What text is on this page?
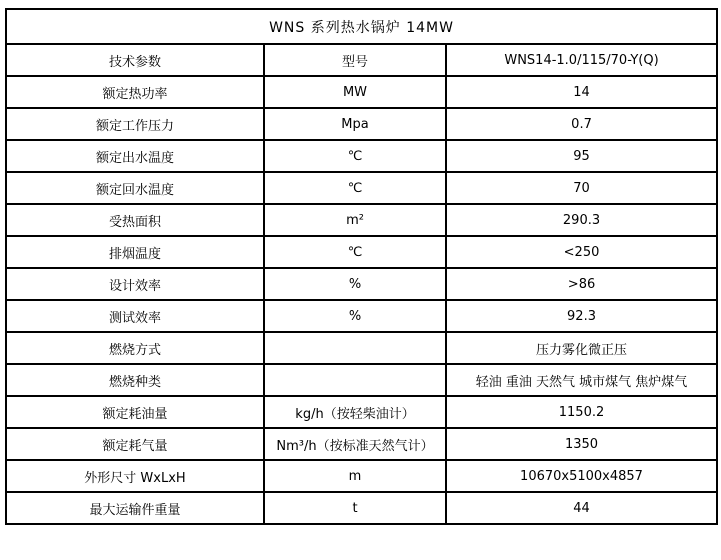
WNS 系列热水锅炉 14MW		
技术参数	型号	WNS14-1.0/115/70-Y(Q)
额定热功率	MW	14
额定工作压力	Mpa	0.7
额定出水温度	℃	95
额定回水温度	℃	70
受热面积	m²	290.3
排烟温度	℃	<250
设计效率	%	>86
测试效率	%	92.3
燃烧方式		压力雾化微正压
燃烧种类		轻油 重油 天然气 城市煤气 焦炉煤气
额定耗油量	kg/h（按轻柴油计）	1150.2
额定耗气量	Nm³/h（按标准天然气计）	1350
外形尺寸 WxLxH	m	10670x5100x4857
最大运输件重量	t	44
